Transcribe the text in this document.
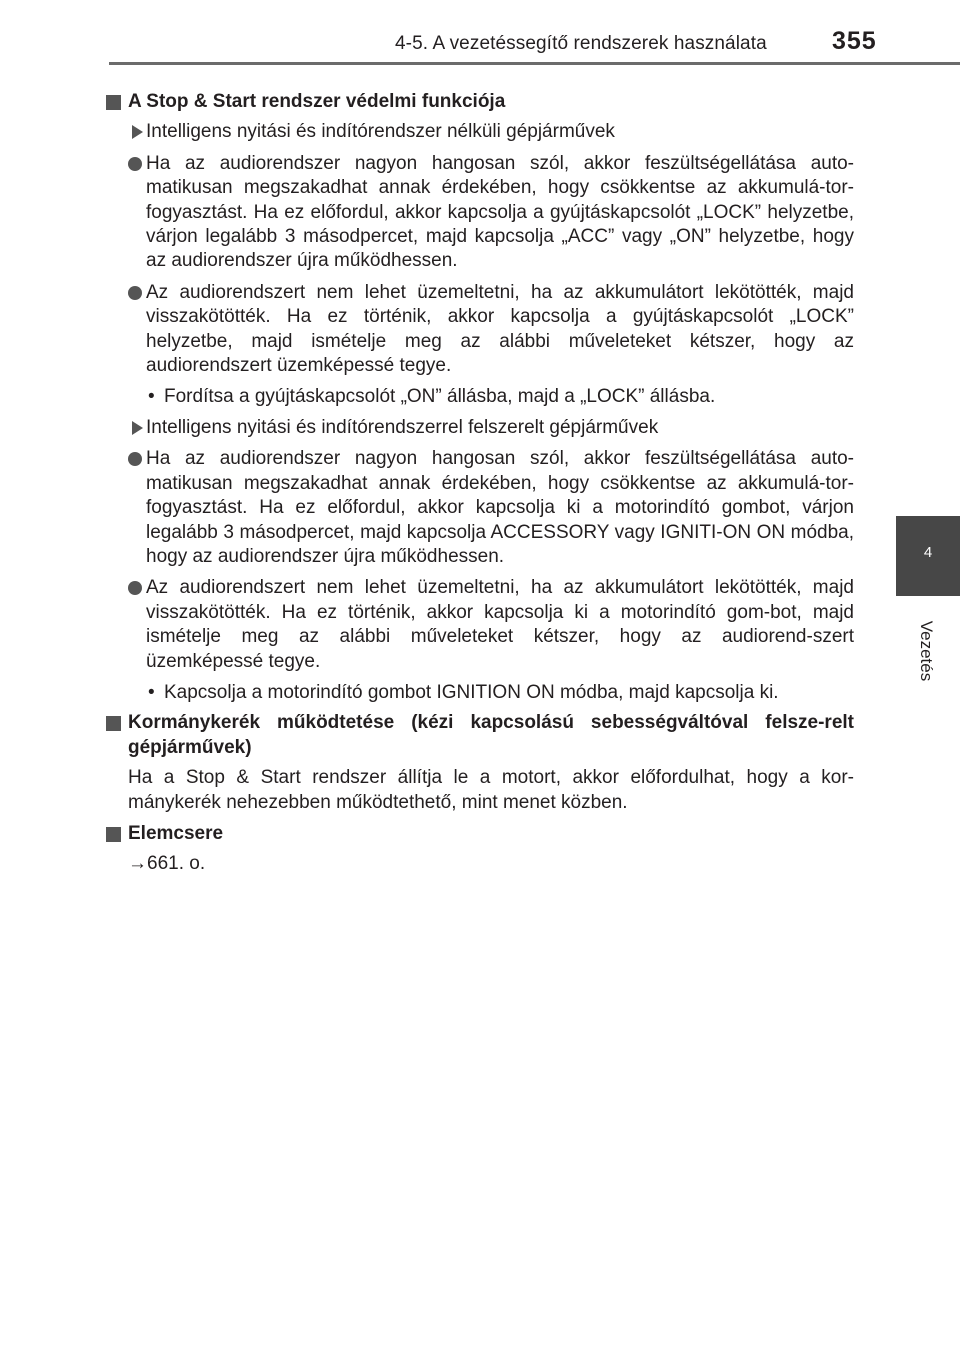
4-5. A vezetéssegítő rendszerek használata	355
4
Vezetés
A Stop & Start rendszer védelmi funkciója
Intelligens nyitási és indítórendszer nélküli gépjárművek
Ha az audiorendszer nagyon hangosan szól, akkor feszültségellátása auto-matikusan megszakadhat annak érdekében, hogy csökkentse az akkumulá-tor-fogyasztást. Ha ez előfordul, akkor kapcsolja a gyújtáskapcsolót „LOCK” helyzetbe, várjon legalább 3 másodpercet, majd kapcsolja „ACC” vagy „ON” helyzetbe, hogy az audiorendszer újra működhessen.
Az audiorendszert nem lehet üzemeltetni, ha az akkumulátort lekötötték, majd visszakötötték. Ha ez történik, akkor kapcsolja a gyújtáskapcsolót „LOCK” helyzetbe, majd ismételje meg az alábbi műveleteket kétszer, hogy az audiorendszert üzemképessé tegye.
• Fordítsa a gyújtáskapcsolót „ON” állásba, majd a „LOCK” állásba.
Intelligens nyitási és indítórendszerrel felszerelt gépjárművek
Ha az audiorendszer nagyon hangosan szól, akkor feszültségellátása auto-matikusan megszakadhat annak érdekében, hogy csökkentse az akkumulá-tor-fogyasztást. Ha ez előfordul, akkor kapcsolja ki a motorindító gombot, várjon legalább 3 másodpercet, majd kapcsolja ACCESSORY vagy IGNITI-ON ON módba, hogy az audiorendszer újra működhessen.
Az audiorendszert nem lehet üzemeltetni, ha az akkumulátort lekötötték, majd visszakötötték. Ha ez történik, akkor kapcsolja ki a motorindító gom-bot, majd ismételje meg az alábbi műveleteket kétszer, hogy az audiorend-szert üzemképessé tegye.
• Kapcsolja a motorindító gombot IGNITION ON módba, majd kapcsolja ki.
Kormánykerék működtetése (kézi kapcsolású sebességváltóval felsze-relt gépjárművek)
Ha a Stop & Start rendszer állítja le a motort, akkor előfordulhat, hogy a kor-mánykerék nehezebben működtethető, mint menet közben.
Elemcsere
→661. o.
